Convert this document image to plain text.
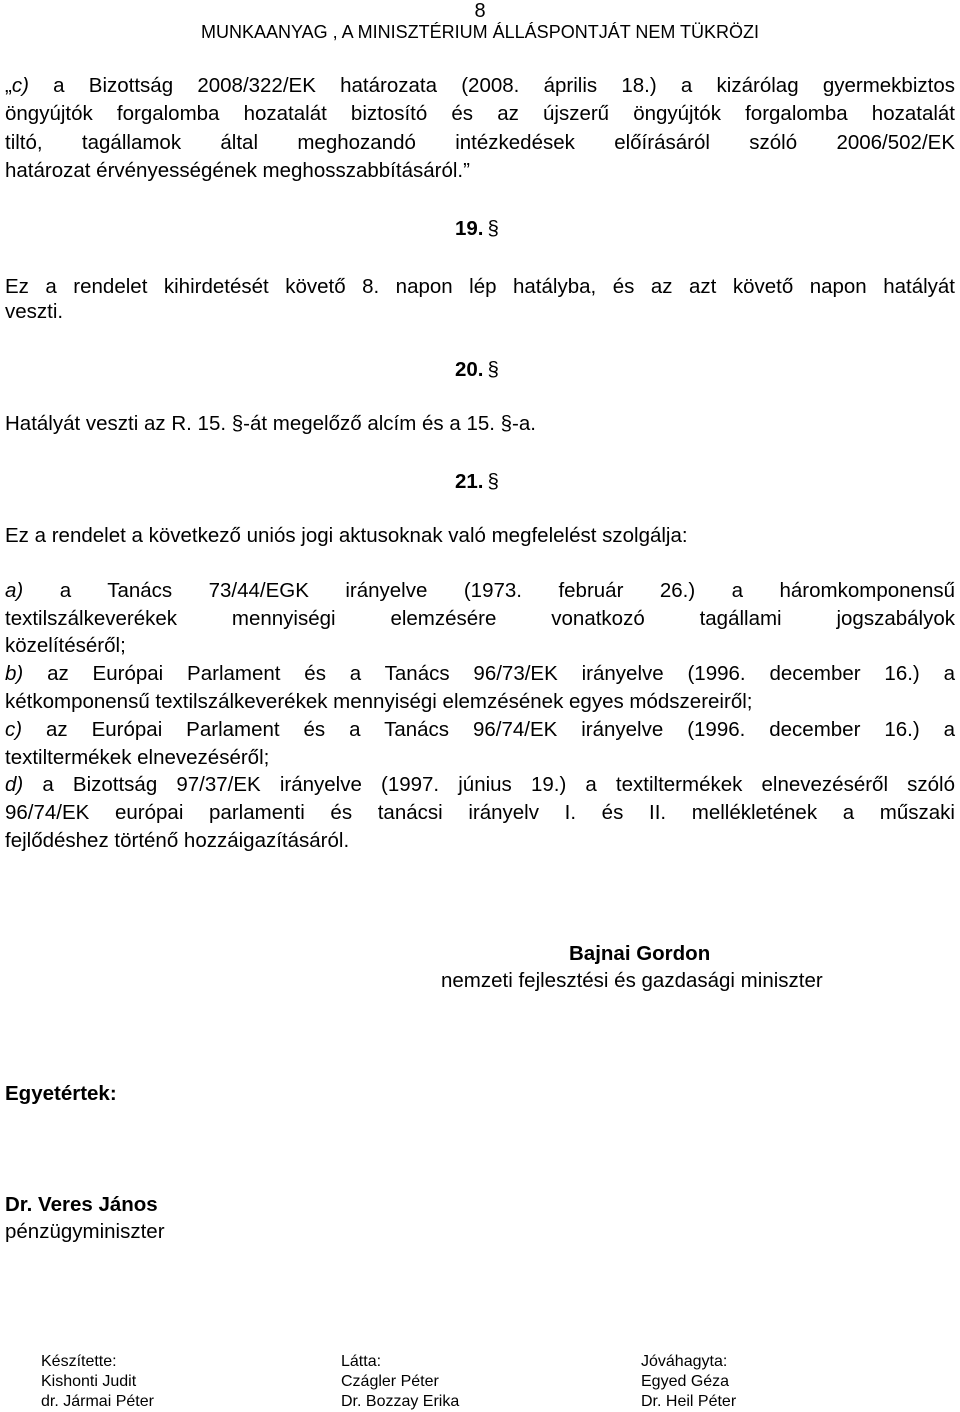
8
MUNKAANYAG , A MINISZTÉRIUM ÁLLÁSPONTJÁT NEM TÜKRÖZI
„c) a Bizottság 2008/322/EK határozata (2008. április 18.) a kizárólag gyermekbiztos
öngyújtók forgalomba hozatalát biztosító és az újszerű öngyújtók forgalomba hozatalát
tiltó, tagállamok által meghozandó intézkedések előírásáról szóló 2006/502/EK
határozat érvényességének meghosszabbításáról.”
19. §
Ez a rendelet kihirdetését követő 8. napon lép hatályba, és az azt követő napon hatályát
veszti.
20. §
Hatályát veszti az R. 15. §-át megelőző alcím és a 15. §-a.
21. §
Ez a rendelet a következő uniós jogi aktusoknak való megfelelést szolgálja:
a) a Tanács 73/44/EGK irányelve (1973. február 26.) a háromkomponensű
textilszálkeverékek mennyiségi elemzésére vonatkozó tagállami jogszabályok
közelítéséről;
b) az Európai Parlament és a Tanács 96/73/EK irányelve (1996. december 16.) a
kétkomponensű textilszálkeverékek mennyiségi elemzésének egyes módszereiről;
c) az Európai Parlament és a Tanács 96/74/EK irányelve (1996. december 16.) a
textiltermékek elnevezéséről;
d) a Bizottság 97/37/EK irányelve (1997. június 19.) a textiltermékek elnevezéséről szóló
96/74/EK európai parlamenti és tanácsi irányelv I. és II. mellékletének a műszaki
fejlődéshez történő hozzáigazításáról.
Bajnai Gordon
nemzeti fejlesztési és gazdasági miniszter
Egyetértek:
Dr. Veres János
pénzügyminiszter
Készítette:
Kishonti Judit
dr. Jármai Péter
Látta:
Czágler Péter
Dr. Bozzay Erika
Jóváhagyta:
Egyed Géza
Dr. Heil Péter
